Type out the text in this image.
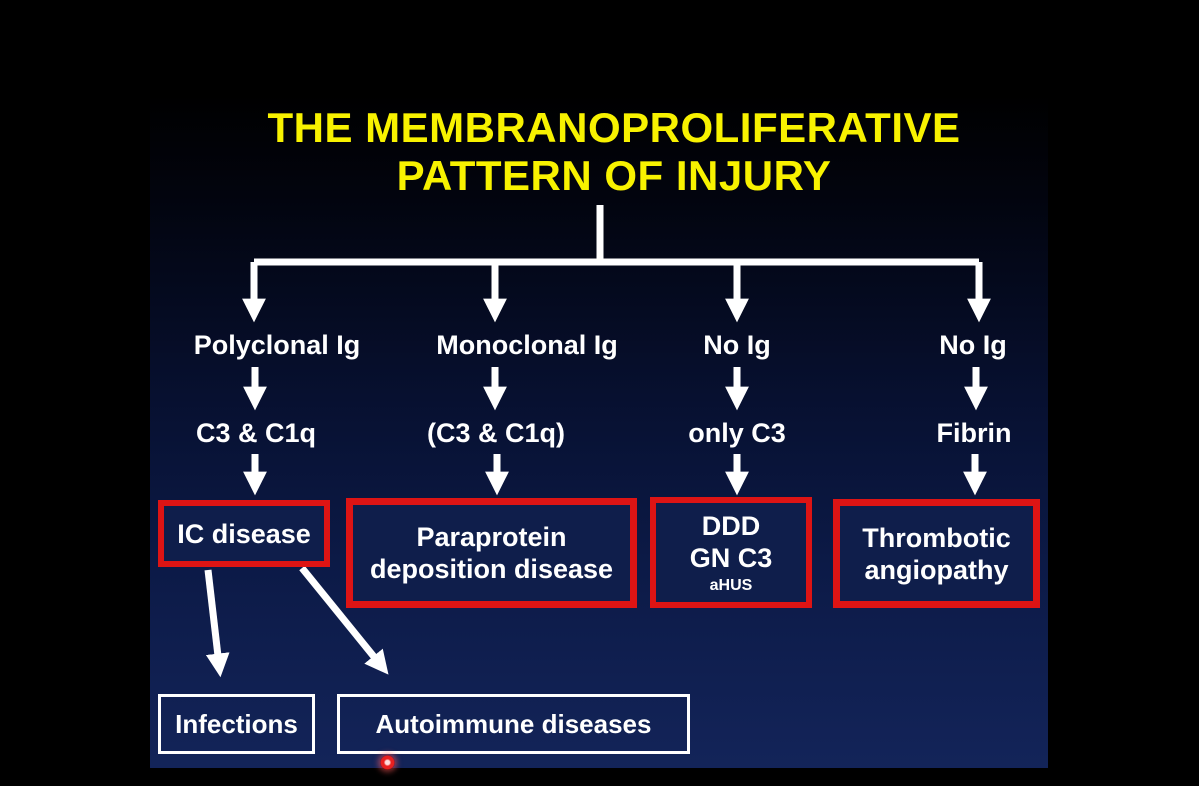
THE MEMBRANOPROLIFERATIVE
PATTERN OF INJURY
Polyclonal Ig	Monoclonal Ig	No Ig	No Ig
C3 & C1q	(C3 & C1q)	only C3	Fibrin
IC disease	Paraprotein deposition disease
DDD
GN C3
aHUS
Thrombotic angiopathy
Infections	Autoimmune diseases
